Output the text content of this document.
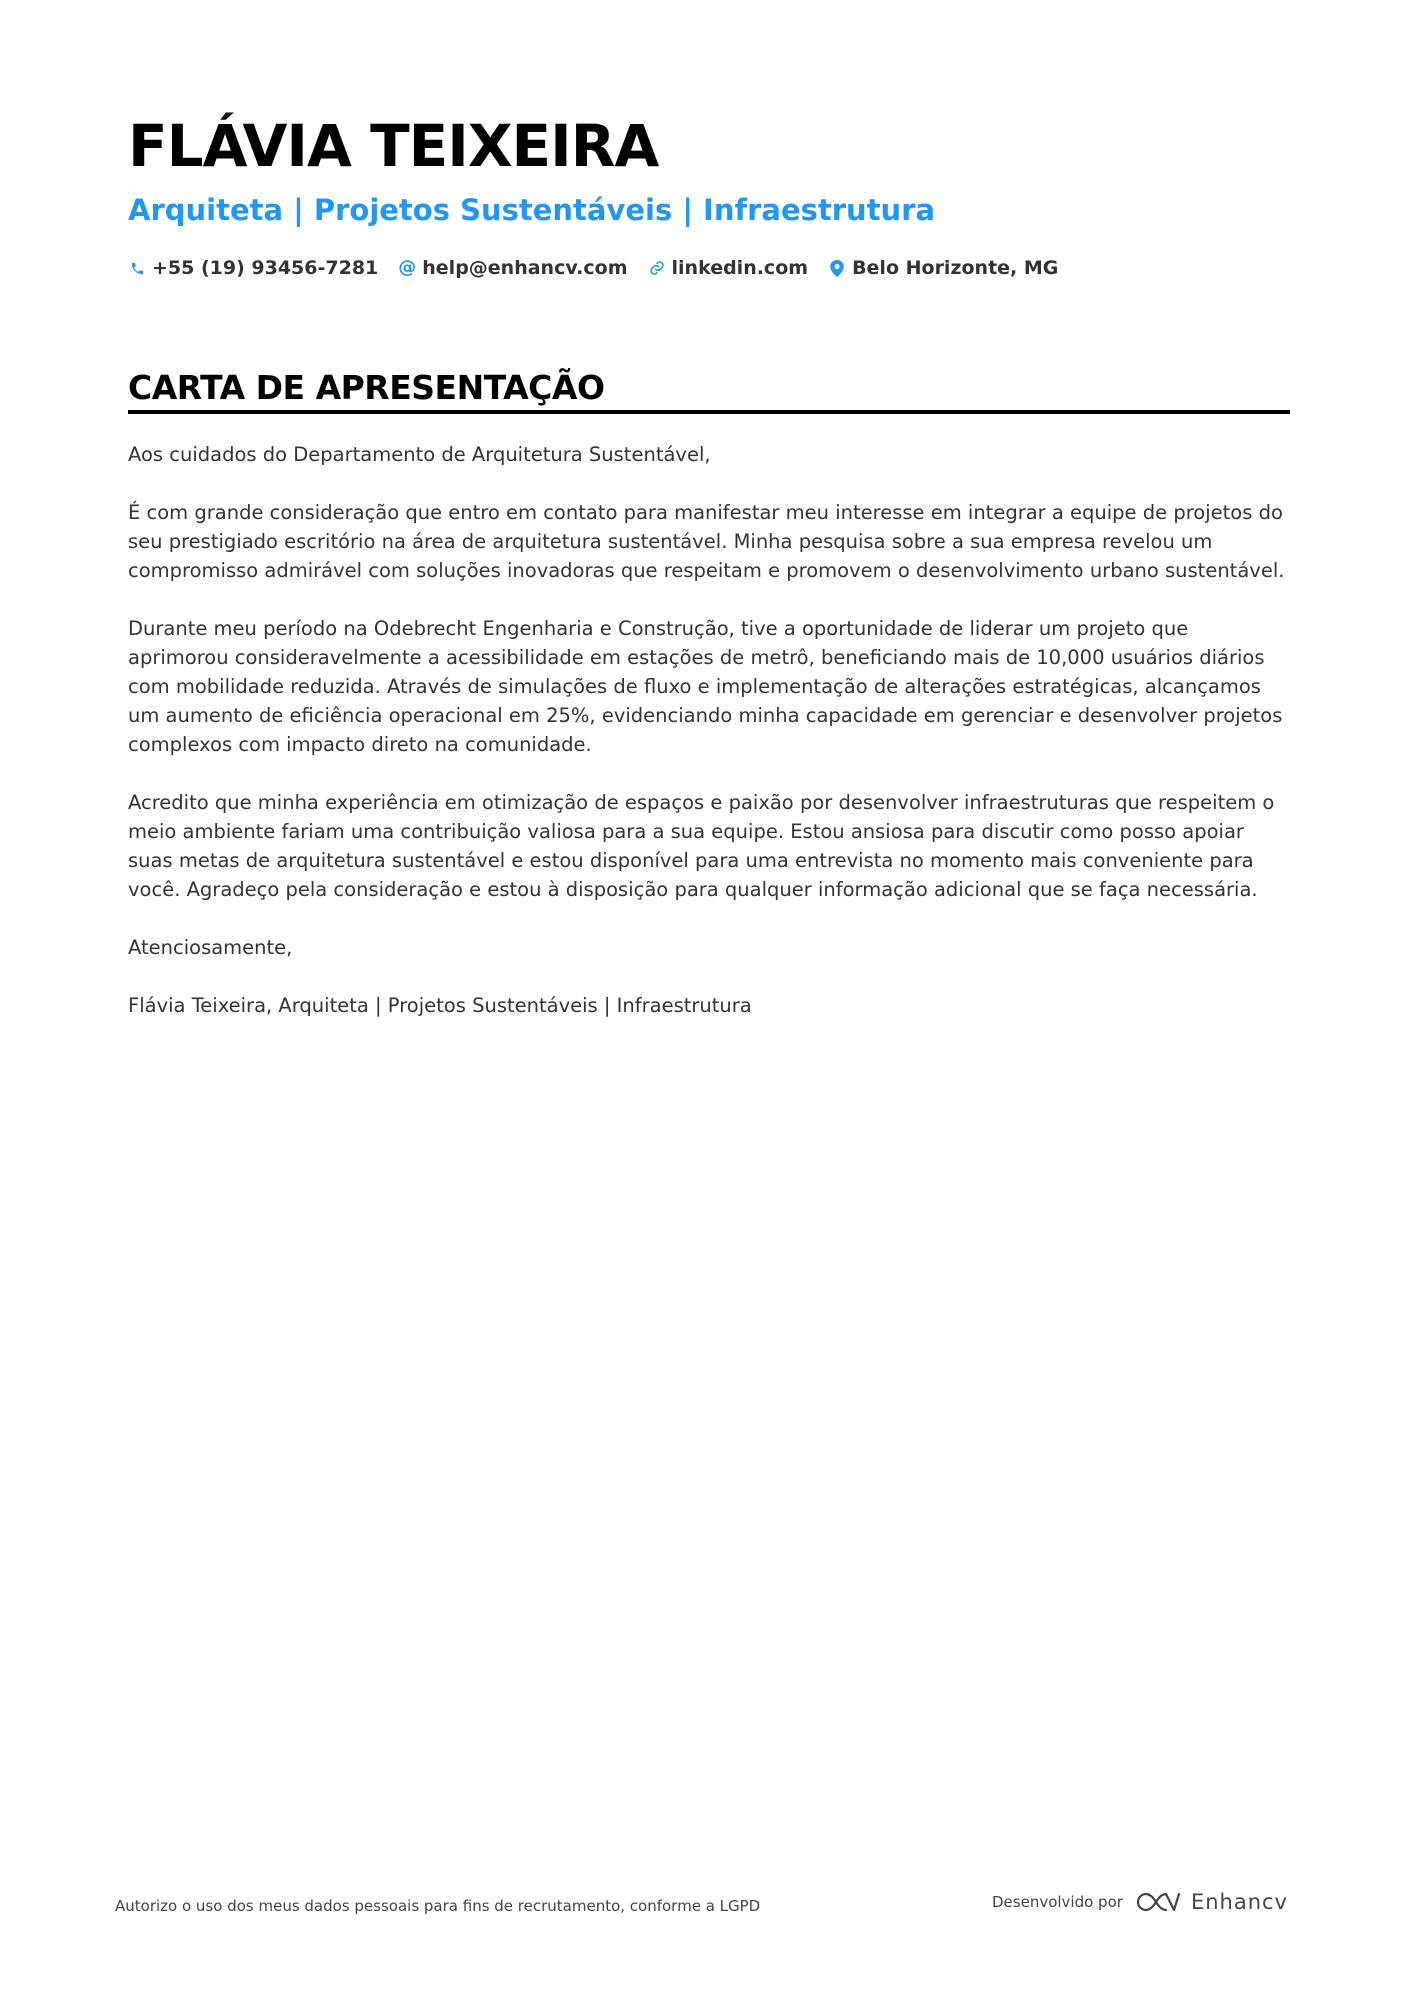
FLÁVIA TEIXEIRA
Arquiteta | Projetos Sustentáveis | Infraestrutura
+55 (19) 93456-7281 @ help@enhancv.com linkedin.com Belo Horizonte, MG
CARTA DE APRESENTAÇÃO

Aos cuidados do Departamento de Arquitetura Sustentável,

É com grande consideração que entro em contato para manifestar meu interesse em integrar a equipe de projetos do seu prestigiado escritório na área de arquitetura sustentável. Minha pesquisa sobre a sua empresa revelou um compromisso admirável com soluções inovadoras que respeitam e promovem o desenvolvimento urbano sustentável.

Durante meu período na Odebrecht Engenharia e Construção, tive a oportunidade de liderar um projeto que aprimorou consideravelmente a acessibilidade em estações de metrô, beneficiando mais de 10,000 usuários diários com mobilidade reduzida. Através de simulações de fluxo e implementação de alterações estratégicas, alcançamos um aumento de eficiência operacional em 25%, evidenciando minha capacidade em gerenciar e desenvolver projetos complexos com impacto direto na comunidade.

Acredito que minha experiência em otimização de espaços e paixão por desenvolver infraestruturas que respeitem o meio ambiente fariam uma contribuição valiosa para a sua equipe. Estou ansiosa para discutir como posso apoiar suas metas de arquitetura sustentável e estou disponível para uma entrevista no momento mais conveniente para você. Agradeço pela consideração e estou à disposição para qualquer informação adicional que se faça necessária.

Atenciosamente,

Flávia Teixeira, Arquiteta | Projetos Sustentáveis | Infraestrutura

Autorizo o uso dos meus dados pessoais para fins de recrutamento, conforme a LGPD	Desenvolvido por	Enhancv
